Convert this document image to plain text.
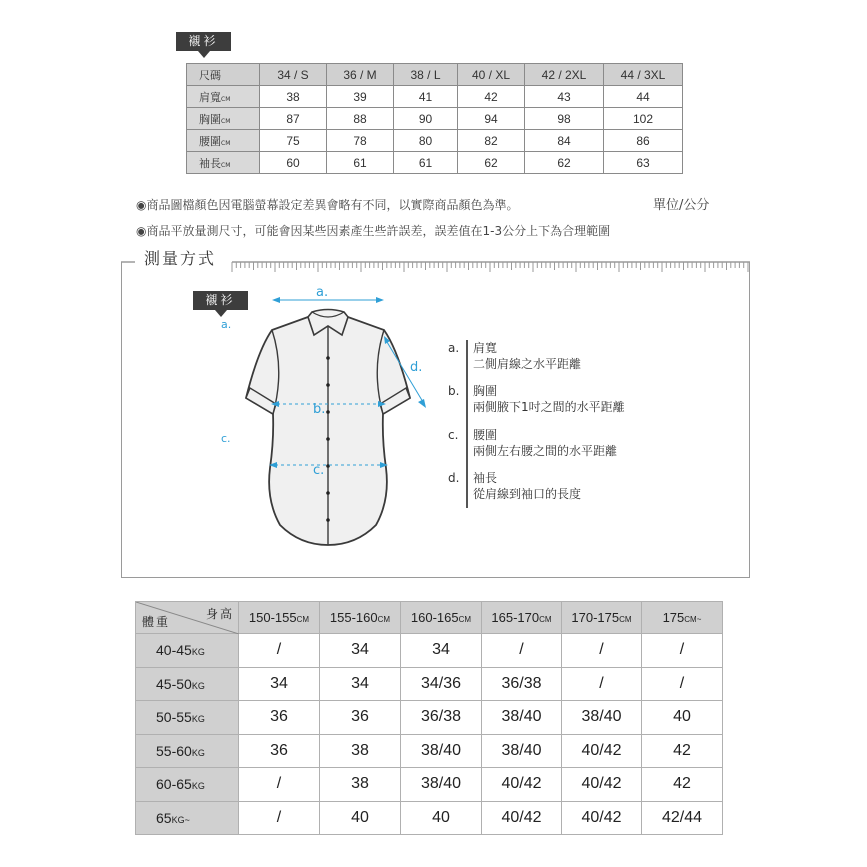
襯衫
尺碼	34 / S	36 / M	38 / L	40 / XL	42 / 2XL	44 / 3XL
肩寬CM	38	39	41	42	43	44
胸圍CM	87	88	90	94	98	102
腰圍CM	75	78	80	82	84	86
袖長CM	60	61	61	62	62	63
◉商品圖檔顏色因電腦螢幕設定差異會略有不同，以實際商品顏色為準。	單位/公分
◉商品平放量測尺寸，可能會因某些因素產生些許誤差，誤差值在1-3公分上下為合理範圍
測量方式
襯衫	a.
a.
d.
b.
c.
c.
a. 肩寬
二側肩線之水平距離
b. 胸圍
兩側腋下1吋之間的水平距離
c. 腰圍
兩側左右腰之間的水平距離
d. 袖長
從肩線到袖口的長度
身高
體重	150-155CM	155-160CM	160-165CM	165-170CM	170-175CM	175CM~
40-45KG	/	34	34	/	/	/
45-50KG	34	34	34/36	36/38	/	/
50-55KG	36	36	36/38	38/40	38/40	40
55-60KG	36	38	38/40	38/40	40/42	42
60-65KG	/	38	38/40	40/42	40/42	42
65KG~	/	40	40	40/42	40/42	42/44
